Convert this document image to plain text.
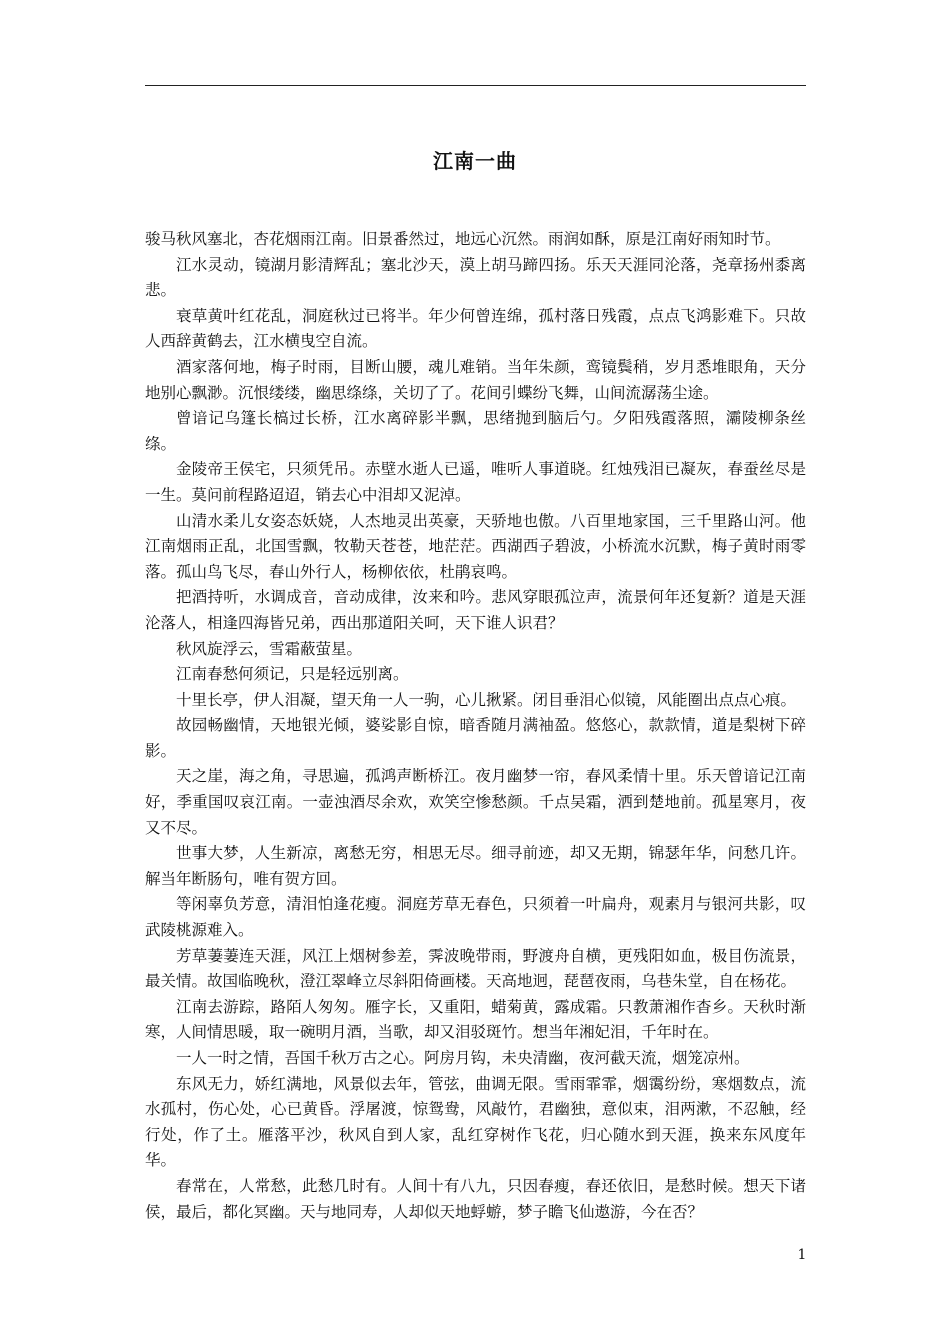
江南一曲

骏马秋风塞北，杏花烟雨江南。旧景番然过，地远心沉然。雨润如酥，原是江南好雨知时节。

江水灵动，镜湖月影清辉乱；塞北沙天，漠上胡马蹄四扬。乐天天涯同沦落，尧章扬州黍离悲。

衰草黄叶红花乱，洞庭秋过已将半。年少何曾连绵，孤村落日残霞，点点飞鸿影难下。只故人西辞黄鹤去，江水横曳空自流。

酒家落何地，梅子时雨，目断山腰，魂儿难销。当年朱颜，鸾镜鬓稍，岁月悉堆眼角，天分地别心飘渺。沉恨缕缕，幽思绦绦，关切了了。花间引蝶纷飞舞，山间流潺荡尘途。

曾谙记乌篷长槁过长桥，江水离碎影半飘，思绪抛到脑后勺。夕阳残霞落照，灞陵柳条丝绦。

金陵帝王侯宅，只须凭吊。赤壁水逝人已遥，唯听人事道晓。红烛残泪已凝灰，春蚕丝尽是一生。莫问前程路迢迢，销去心中泪却又泥淖。

山清水柔儿女姿态妖娆，人杰地灵出英豪，天骄地也傲。八百里地家国，三千里路山河。他江南烟雨正乱，北国雪飘，牧勒天苍苍，地茫茫。西湖西子碧波，小桥流水沉默，梅子黄时雨零落。孤山鸟飞尽，春山外行人，杨柳依依，杜鹃哀鸣。

把酒持听，水调成音，音动成律，汝来和吟。悲风穿眼孤泣声，流景何年还复新？道是天涯沦落人，相逢四海皆兄弟，西出那道阳关呵，天下谁人识君？

秋风旋浮云，雪霜蔽萤星。

江南春愁何须记，只是轻远别离。

十里长亭，伊人泪凝，望天角一人一驹，心儿揪紧。闭目垂泪心似镜，风能圈出点点心痕。

故园畅幽情，天地银光倾，婆娑影自惊，暗香随月满袖盈。悠悠心，款款情，道是梨树下碎影。

天之崖，海之角，寻思遍，孤鸿声断桥江。夜月幽梦一帘，春风柔情十里。乐天曾谙记江南好，季重国叹哀江南。一壶浊酒尽余欢，欢笑空惨愁颜。千点吴霜，洒到楚地前。孤星寒月，夜又不尽。

世事大梦，人生新凉，离愁无穷，相思无尽。细寻前迹，却又无期，锦瑟年华，问愁几许。解当年断肠句，唯有贺方回。

等闲辜负芳意，清泪怕逢花瘦。洞庭芳草无春色，只须着一叶扁舟，观素月与银河共影，叹武陵桃源难入。

芳草萋萋连天涯，风江上烟树参差，霁波晚带雨，野渡舟自横，更残阳如血，极目伤流景，最关情。故国临晚秋，澄江翠峰立尽斜阳倚画楼。天高地迥，琵琶夜雨，乌巷朱堂，自在杨花。

江南去游踪，路陌人匆匆。雁字长，又重阳，蜡菊黄，露成霜。只教萧湘作杳乡。天秋时渐寒，人间情思暖，取一碗明月酒，当歌，却又泪驳斑竹。想当年湘妃泪，千年时在。

一人一时之情，吾国千秋万古之心。阿房月钩，未央清幽，夜河截天流，烟笼凉州。

东风无力，娇红满地，风景似去年，管弦，曲调无限。雪雨霏霏，烟霭纷纷，寒烟数点，流水孤村，伤心处，心已黄昏。浮屠渡，惊鸳鸯，风敲竹，君幽独，意似束，泪两漱，不忍触，经行处，作了土。雁落平沙，秋风自到人家，乱红穿树作飞花，归心随水到天涯，换来东风度年华。

春常在，人常愁，此愁几时有。人间十有八九，只因春瘦，春还依旧，是愁时候。想天下诸侯，最后，都化冥幽。天与地同寿，人却似天地蜉蝣，梦子瞻飞仙遨游，今在否？

1
